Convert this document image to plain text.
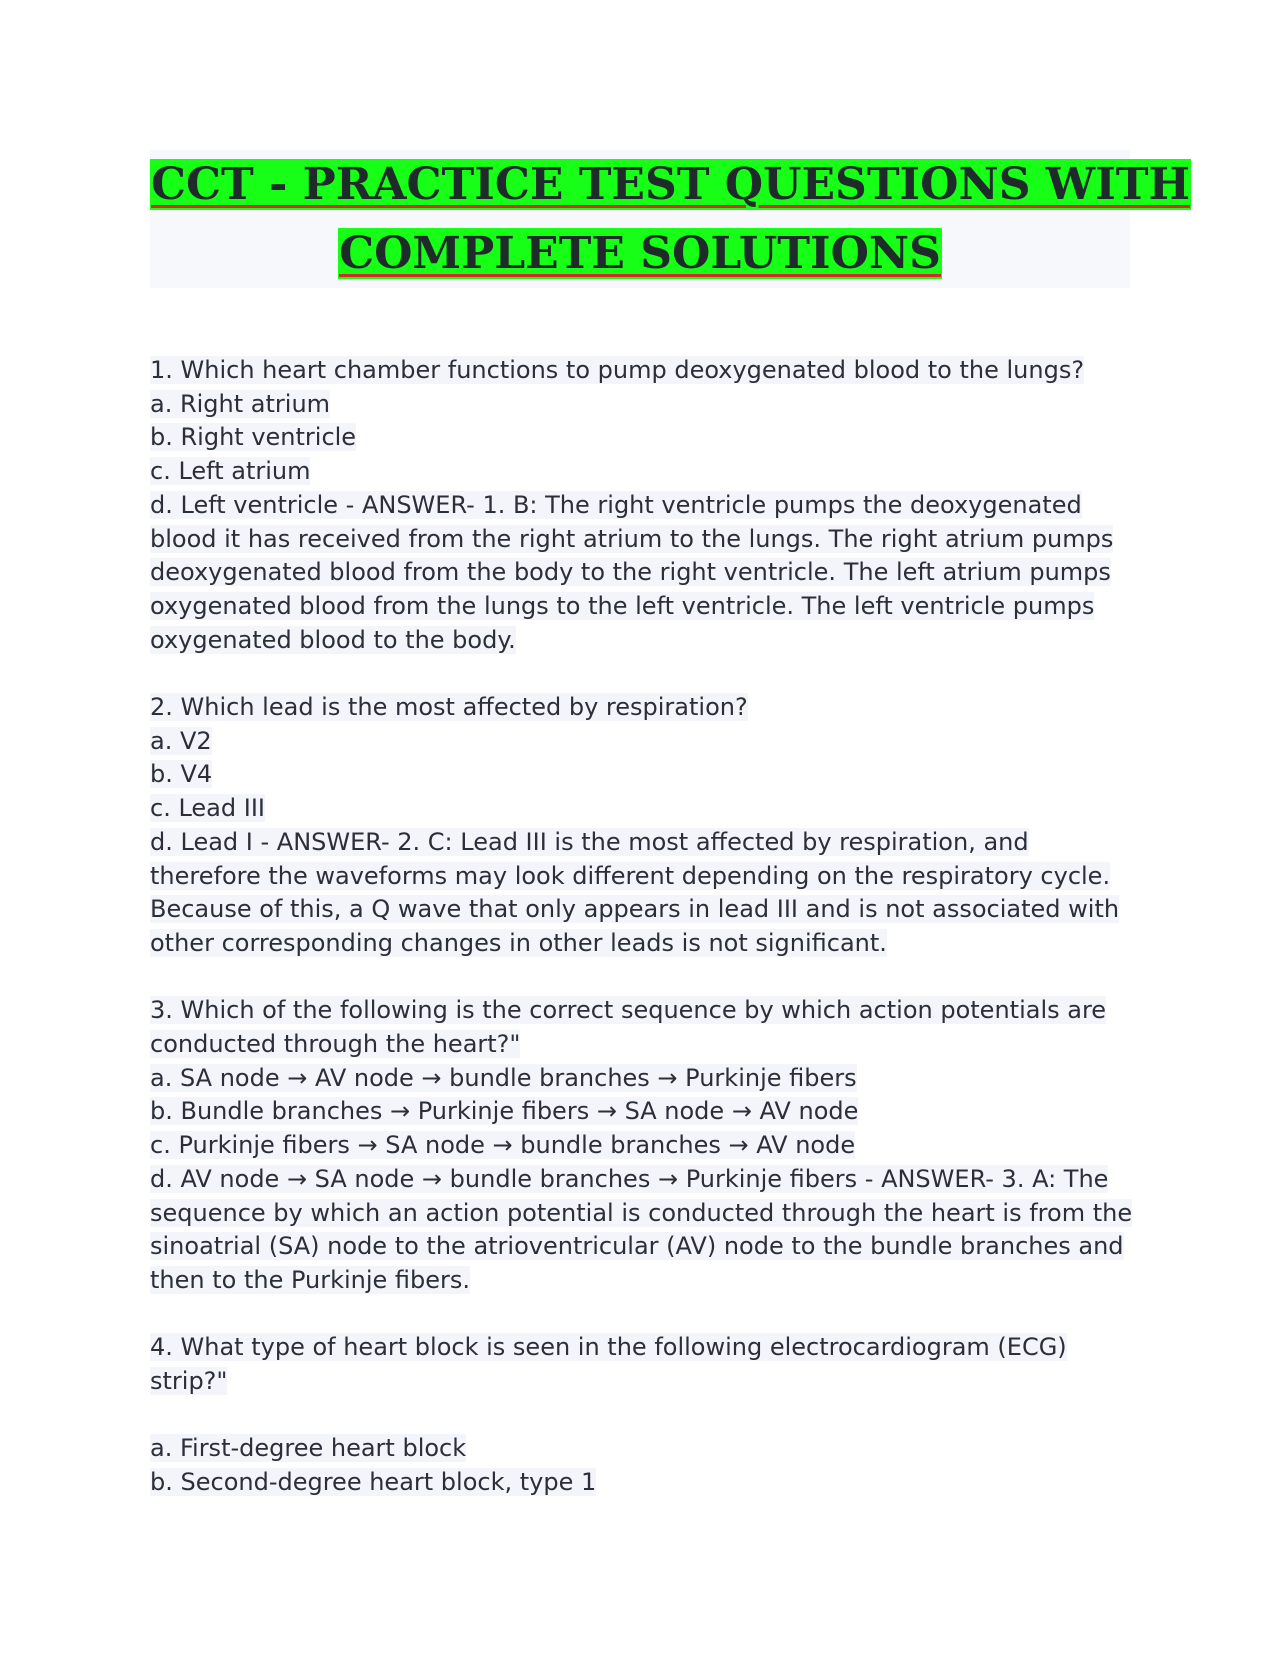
CCT - PRACTICE TEST QUESTIONS WITH
COMPLETE SOLUTIONS
1. Which heart chamber functions to pump deoxygenated blood to the lungs?
a. Right atrium
b. Right ventricle
c. Left atrium
d. Left ventricle - ANSWER- 1. B: The right ventricle pumps the deoxygenated blood it has received from the right atrium to the lungs. The right atrium pumps deoxygenated blood from the body to the right ventricle. The left atrium pumps oxygenated blood from the lungs to the left ventricle. The left ventricle pumps oxygenated blood to the body.
2. Which lead is the most affected by respiration?
a. V2
b. V4
c. Lead III
d. Lead I - ANSWER- 2. C: Lead III is the most affected by respiration, and therefore the waveforms may look different depending on the respiratory cycle. Because of this, a Q wave that only appears in lead III and is not associated with other corresponding changes in other leads is not significant.
3. Which of the following is the correct sequence by which action potentials are conducted through the heart?"
a. SA node → AV node → bundle branches → Purkinje fibers
b. Bundle branches → Purkinje fibers → SA node → AV node
c. Purkinje fibers → SA node → bundle branches → AV node
d. AV node → SA node → bundle branches → Purkinje fibers - ANSWER- 3. A: The sequence by which an action potential is conducted through the heart is from the sinoatrial (SA) node to the atrioventricular (AV) node to the bundle branches and then to the Purkinje fibers.
4. What type of heart block is seen in the following electrocardiogram (ECG) strip?"
a. First-degree heart block
b. Second-degree heart block, type 1
